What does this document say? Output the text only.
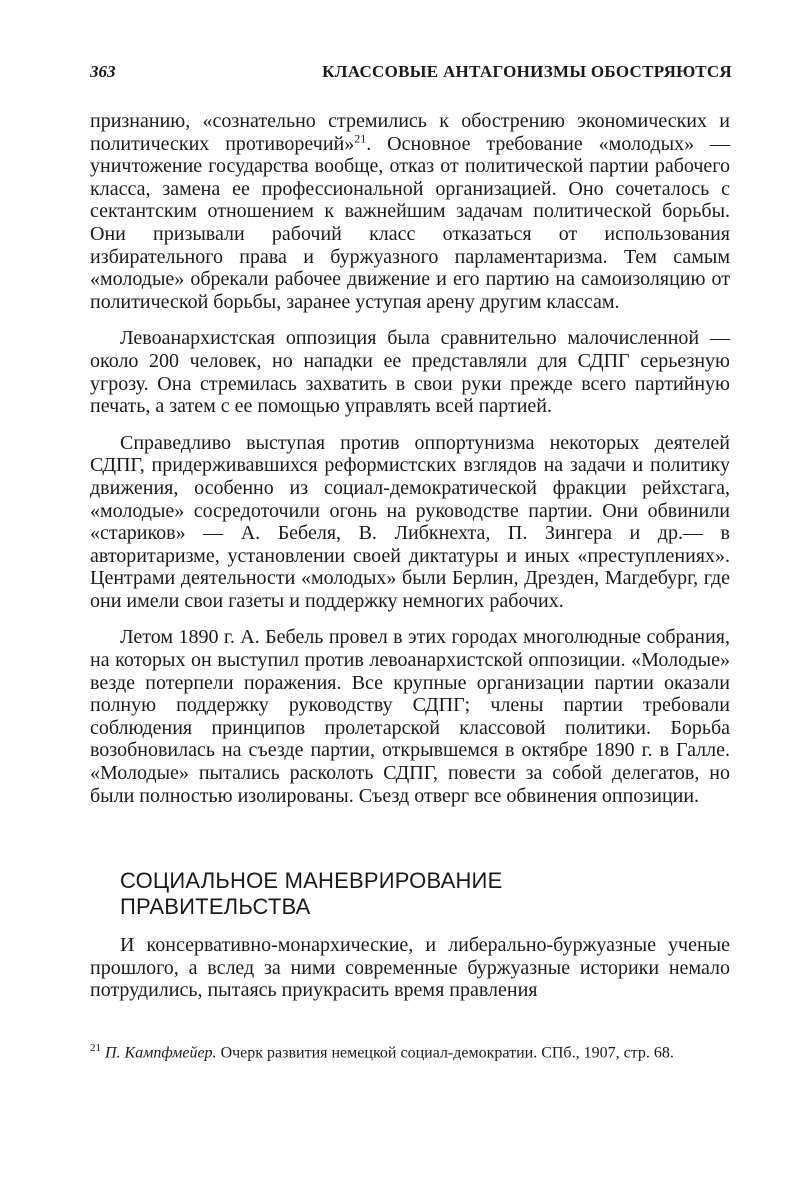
363	КЛАССОВЫЕ АНТАГОНИЗМЫ ОБОСТРЯЮТСЯ

признанию, «сознательно стремились к обострению экономических и политических противоречий»$^{21}$. Основное требование «молодых» — уничтожение государства вообще, отказ от политической партии рабочего класса, замена ее профессиональной организацией. Оно сочеталось с сектантским отношением к важнейшим задачам политической борьбы. Они призывали рабочий класс отказаться от использования избирательного права и буржуазного парламентаризма. Тем самым «молодые» обрекали рабочее движение и его партию на самоизоляцию от политической борьбы, заранее уступая арену другим классам.

Левоанархистская оппозиция была сравнительно малочисленной — около 200 человек, но нападки ее представляли для СДПГ серьезную угрозу. Она стремилась захватить в свои руки прежде всего партийную печать, а затем с ее помощью управлять всей партией.

Справедливо выступая против оппортунизма некоторых деятелей СДПГ, придерживавшихся реформистских взглядов на задачи и политику движения, особенно из социал-демократической фракции рейхстага, «молодые» сосредоточили огонь на руководстве партии. Они обвинили «стариков» — А. Бебеля, В. Либкнехта, П. Зингера и др.— в авторитаризме, установлении своей диктатуры и иных «преступлениях». Центрами деятельности «молодых» были Берлин, Дрезден, Магдебург, где они имели свои газеты и поддержку немногих рабочих.

Летом 1890 г. А. Бебель провел в этих городах многолюдные собрания, на которых он выступил против левоанархистской оппозиции. «Молодые» везде потерпели поражения. Все крупные организации партии оказали полную поддержку руководству СДПГ; члены партии требовали соблюдения принципов пролетарской классовой политики. Борьба возобновилась на съезде партии, открывшемся в октябре 1890 г. в Галле. «Молодые» пытались расколоть СДПГ, повести за собой делегатов, но были полностью изолированы. Съезд отверг все обвинения оппозиции.

СОЦИАЛЬНОЕ МАНЕВРИРОВАНИЕ
ПРАВИТЕЛЬСТВА

И консервативно-монархические, и либерально-буржуазные ученые прошлого, а вслед за ними современные буржуазные историки немало потрудились, пытаясь приукрасить время правления

$^{21}$ П. Кампфмейер. Очерк развития немецкой социал-демократии. СПб., 1907, стр. 68.
